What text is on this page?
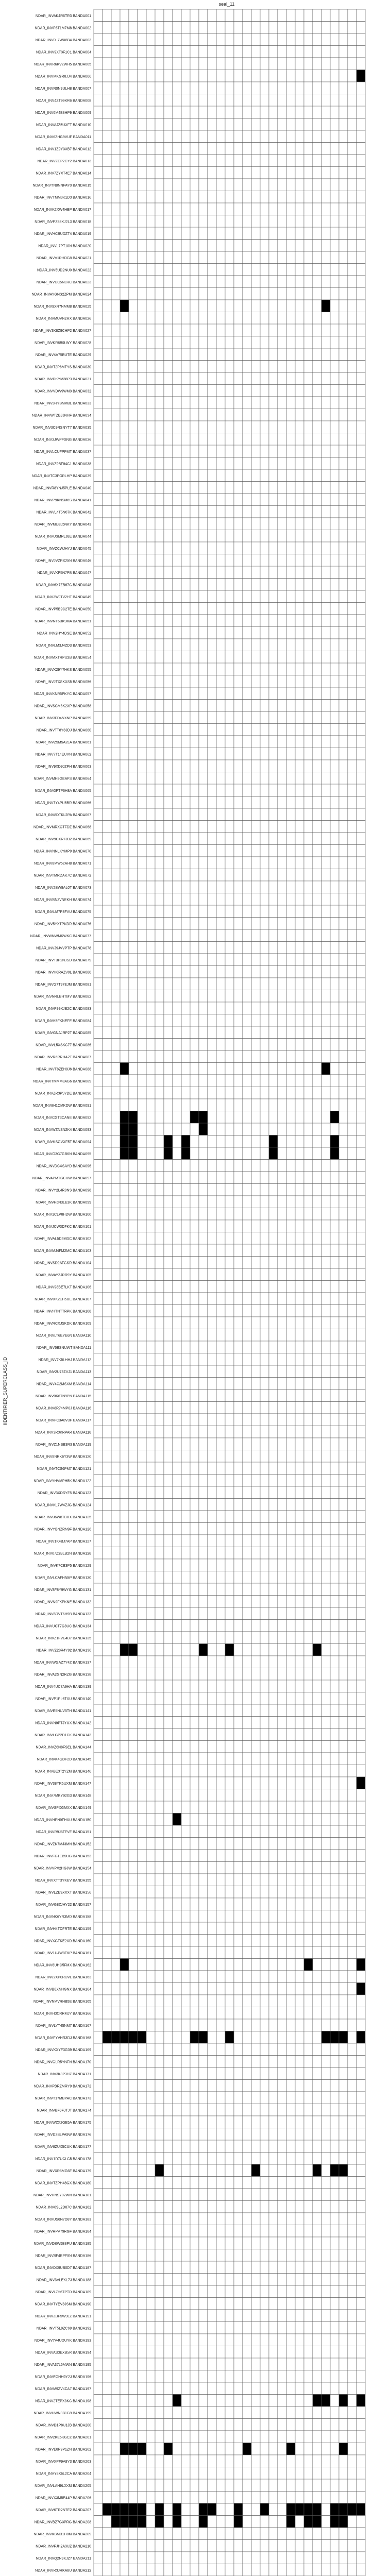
seal_11
IIDENTIFIER_SUPERCLASS_ID
NDAR_INVAK4R6TR3 BANDA001
NDAR_INVP3T1M7M8 BANDA002
NDAR_INV0L7WX8B4 BANDA003
NDAR_INV9XT3F1C1 BANDA004
NDAR_INVR6KV2WH5 BANDA005
NDAR_INVMKGR8JJ4 BANDA006
NDAR_INVR0N9ULH8 BANDA007
NDAR_INV4ZT99KR6 BANDA008
NDAR_INV6M4B8HP9 BANDA009
NDAR_INVAJZ5UXFT BANDA010
NDAR_INV6ZHG9VUF BANDA011
NDAR_INV1Z9Y3XB7 BANDA012
NDAR_INVZCP2CY2 BANDA013
NDAR_INV7ZYXT4E7 BANDA014
NDAR_INVTN8NNPAY0 BANDA015
NDAR_INVTMM3K1D3 BANDA016
NDAR_INVK2XW4HBP BANDA017
NDAR_INVPZ88XJ2L3 BANDA018
NDAR_INVHCBUDZT4 BANDA019
NDAR_INVL7PT10N BANDA020
NDAR_INVV1RHDG8 BANDA021
NDAR_INV5UD2NU0 BANDA022
NDAR_INVUC5NLRC BANDA023
NDAR_INVAYGNS2ZPM BANDA024
NDAR_INV9XR7NMM8 BANDA025
NDAR_INVMUVN2HX BANDA026
NDAR_INV3K8Z9CHP2 BANDA027
NDAR_INVKR8B9LWY BANDA028
NDAR_INV4A75BUTE BANDA029
NDAR_INVT2P6MTYS BANDA030
NDAR_INVDKYM38P3 BANDA031
NDAR_INVVDW9WM3 BANDA032
NDAR_INV3RYBNMBL BANDA033
NDAR_INVWTZE8JNHF BANDA034
NDAR_INV3C9RSNYT7 BANDA035
NDAR_INV3JWPFSNG BANDA036
NDAR_INVLCUFPPMT BANDA037
NDAR_INVZ9BF94C1 BANDA038
NDAR_INVTC3PGRLHP BANDA039
NDAR_INVR8YNJ5PLE BANDA040
NDAR_INVP9KNSM6S BANDA041
NDAR_INVL4T5N07K BANDA042
NDAR_INVMU8L5NKY BANDA043
NDAR_INVUSMPLJ8E BANDA044
NDAR_INVZCWJHYJ BANDA045
NDAR_INVJVZRX25N BANDA046
NDAR_INVKP5N7PB BANDA047
NDAR_INV6X7ZB67C BANDA048
NDAR_INV3WJTV2HT BANDA049
NDAR_INVP5B9C2TE BANDA050
NDAR_INVNT6BK9MA BANDA051
NDAR_INV2HY4DSE BANDA052
NDAR_INVLM3J4ZD3 BANDA053
NDAR_INVMXTRPU2B BANDA054
NDAR_INVK29Y7HKS BANDA055
NDAR_INVJTXSKXS5 BANDA056
NDAR_INVKNR5PKYC BANDA057
NDAR_INVSCM8K2XP BANDA058
NDAR_INV3FD4NXNP BANDA059
NDAR_INVTT8Y8JDJ BANDA060
NDAR_INVZ5M5A2LA BANDA061
NDAR_INV7T14EUVN BANDA062
NDAR_INV9XD9JZPH BANDA063
NDAR_INVMH9GEAFS BANDA064
NDAR_INVGPTP6H8A BANDA065
NDAR_INV7Y4PU5BR BANDA066
NDAR_INV8DTKL2PA BANDA067
NDAR_INVMRXGTFDZ BANDA068
NDAR_INV9CXR7JB2 BANDA069
NDAR_INVNNLKYMP9 BANDA070
NDAR_INV8MW52AH8 BANDA071
NDAR_INVTMRDAK7C BANDA072
NDAR_INV2BW9AL0T BANDA073
NDAR_INVBN3VNEKH BANDA074
NDAR_INVLM7P8FVU BANDA075
NDAR_INV5YXTPKDR BANDA076
NDAR_INVWNWMKWKC BANDA077
NDAR_INVJ9JVVPTP BANDA078
NDAR_INVT3P2NJSD BANDA079
NDAR_INVH6RAZV9L BANDA080
NDAR_INVG7T97EJM BANDA081
NDAR_INVNRLBHTMV BANDA082
NDAR_INVP99XJB2C BANDA083
NDAR_INVK5FKNEFE BANDA084
NDAR_INVGNAJRP2T BANDA085
NDAR_INVL5XSKC77 BANDA086
NDAR_INVR6RRHA2T BANDA087
NDAR_INVT8ZEH9J6 BANDA088
NDAR_INVTMMM8AG6 BANDA089
NDAR_INVZR3P5YDE BANDA090
NDAR_INV8H1CMKDW BANDA091
NDAR_INVCGT3CANE BANDA092
NDAR_INVWZNSN2K4 BANDA093
NDAR_INVKSGVXF5T BANDA094
NDAR_INVG3G7GB6N BANDA095
NDAR_INVDCXSAYD BANDA096
NDAR_INVAPMTGCUW BANDA097
NDAR_INVY2L4R0NS BANDA098
NDAR_INVHJN3LE3K BANDA099
NDAR_INV1CLP8HDW BANDA100
NDAR_INVJCW3DFKC BANDA101
NDAR_INVAL5D2MDC BANDA102
NDAR_INVMJ4FM2MC BANDA103
NDAR_INVSD2ATGSR BANDA104
NDAR_INVAYZJRR9Y BANDA105
NDAR_INV98BE7LKT BANDA106
NDAR_INVXK2EH5UE BANDA107
NDAR_INVHTNTTRPK BANDA108
NDAR_INVRCXJSKDK BANDA109
NDAR_INVLT6EYE6N BANDA110
NDAR_INV6BSNUWT BANDA111
NDAR_INV7K5LHHJ BANDA112
NDAR_INV2U78ZVJ1 BANDA113
NDAR_INV4C2MSXM BANDA114
NDAR_INV0K6TN9PN BANDA115
NDAR_INV8R74MP0J BANDA116
NDAR_INVFC3A8V3F BANDA117
NDAR_INV3R3KRPAR BANDA118
NDAR_INVZ1NSB3R3 BANDA119
NDAR_INV8NRK6Y3W BANDA120
NDAR_INVTCS6PM7 BANDA121
NDAR_INVYHVMPH5K BANDA122
NDAR_INV3XDSYF5 BANDA123
NDAR_INVKL7W4ZJG BANDA124
NDAR_INVJ6W8TBHX BANDA125
NDAR_INVYBNZRN9F BANDA126
NDAR_INV1K4BJ7AP BANDA127
NDAR_INV07Z2BLB2N BANDA128
NDAR_INVK7CB3P5 BANDA129
NDAR_INVLCAFHN5P BANDA130
NDAR_INV8F8Y9WYG BANDA131
NDAR_INVN9FKPKNE BANDA132
NDAR_INV6DVT6H9B BANDA133
NDAR_INVUCT7G3UC BANDA134
NDAR_INVZ1FVE4B7 BANDA135
NDAR_INVZ28R4Y92 BANDA136
NDAR_INVWGAZ7Y4Z BANDA137
NDAR_INVA2GN2RZG BANDA138
NDAR_INV4UC7A9HA BANDA139
NDAR_INVP1PL6TXU BANDA140
NDAR_INVE5NUV5TH BANDA141
NDAR_INVN9PTJYUX BANDA142
NDAR_INVLGP2D1CK BANDA143
NDAR_INVZ6N8FSEL BANDA144
NDAR_INVK4GDF2D BANDA145
NDAR_INVBE3T2YZM BANDA146
NDAR_INV38YR5UXM BANDA147
NDAR_INV7MKY92G3 BANDA148
NDAR_INVSPXGMXX BANDA149
NDAR_INVHPN9FHXU BANDA150
NDAR_INVR9J5TFVF BANDA151
NDAR_INVZK7MJ3MN BANDA152
NDAR_INVFG1EB9UG BANDA153
NDAR_INVVPX2HGJW BANDA154
NDAR_INVXTT3YKEV BANDA155
NDAR_INVLZE9XXXT BANDA156
NDAR_INVG8ZJHY22 BANDA157
NDAR_INVNK6YR3MD BANDA158
NDAR_INVH4TDFRTE BANDA159
NDAR_INVXGTKE2XD BANDA160
NDAR_INV1U4W8TKP BANDA161
NDAR_INV6UHC5FMX BANDA162
NDAR_INV2XP0RUVL BANDA163
NDAR_INVB8XNHGNX BANDA164
NDAR_INVNMVRHB5E BANDA165
NDAR_INVH3CRRMJY BANDA166
NDAR_INVLYT45NM7 BANDA167
NDAR_INVFYVHR3DJ BANDA168
NDAR_INVKXYF3G39 BANDA169
NDAR_INVGLR5YNFN BANDA170
NDAR_INV3K8P3HZ BANDA171
NDAR_INVPBRZMRY9 BANDA172
NDAR_INVT17MBPAC BANDA173
NDAR_INVBF0FJTJT BANDA174
NDAR_INVWZX2GE5A BANDA175
NDAR_INVD2BLPA9W BANDA176
NDAR_INV8ZUX5CUK BANDA177
NDAR_INV1D7UCLC5 BANDA178
NDAR_INVXR5MG6F BANDA179
NDAR_INVTZPH48GX BANDA180
NDAR_INVHNSY02WN BANDA181
NDAR_INV6SL2D87C BANDA182
NDAR_INVUS6N7D8Y BANDA183
NDAR_INVRPV79RGF BANDA184
NDAR_INVDBW5B8PU BANDA185
NDAR_INVBF4EPF9N BANDA186
NDAR_INVDX9UB0D7 BANDA187
NDAR_INV3VLEXL7J BANDA188
NDAR_INVL7H6TPTD BANDA189
NDAR_INVTYEV8JSM BANDA190
NDAR_INVZBF5W9LZ BANDA191
NDAR_INVT5L9ZC69 BANDA192
NDAR_INV7V4UDUYK BANDA193
NDAR_INVAS3EXB5R BANDA194
NDAR_INVA37L6MWN BANDA195
NDAR_INVEGHH9Y2J BANDA196
NDAR_INVM9ZV4CA7 BANDA197
NDAR_INV2TEPX3KC BANDA198
NDAR_INVUWN3B1G9 BANDA199
NDAR_INVD1P8U1JB BANDA200
NDAR_INV2KE6KGCZ BANDA201
NDAR_INVE8P9P1ZN BANDA202
NDAR_INVXPF9A8Y3 BANDA203
NDAR_INVY8X6L2CA BANDA204
NDAR_INVLAH9LXXM BANDA205
NDAR_INVX3M5E44P BANDA206
NDAR_INV6TR2N7E2 BANDA207
NDAR_INVBZ7G3PRG BANDA208
NDAR_INVKBMB1H8M BANDA209
NDAR_INVFJH2A3UZ BANDA210
NDAR_INVQ2N9KJZ7 BANDA211
NDAR_INVR3JRKA8U BANDA212
